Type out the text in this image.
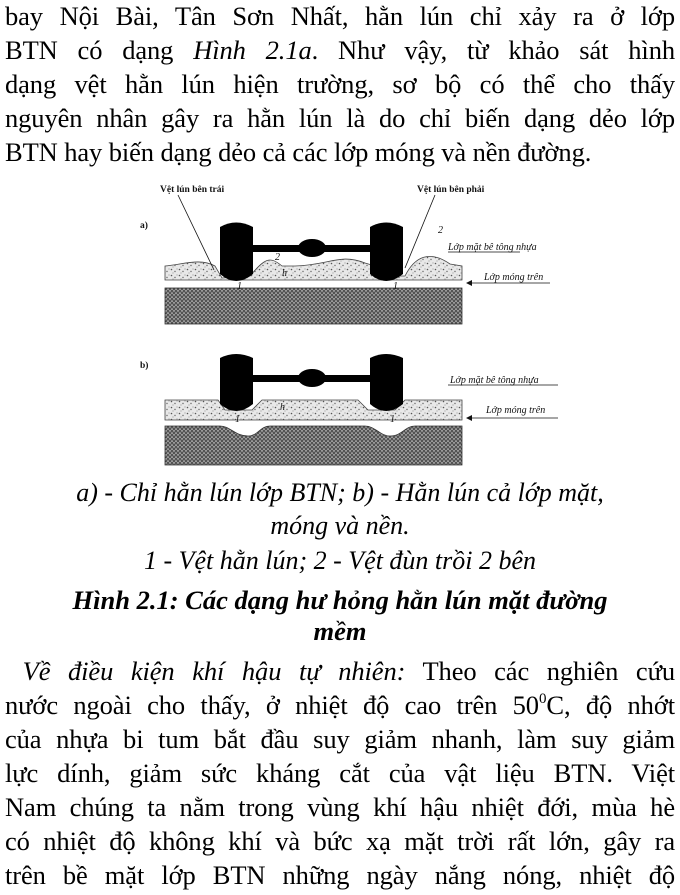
bay Nội Bài, Tân Sơn Nhất, hằn lún chỉ xảy ra ở lớp
BTN có dạng Hình 2.1a. Như vậy, từ khảo sát hình
dạng vệt hằn lún hiện trường, sơ bộ có thể cho thấy
nguyên nhân gây ra hằn lún là do chỉ biến dạng dẻo lớp
BTN hay biến dạng dẻo cả các lớp móng và nền đường.
Vệt lún bên trái	Vệt lún bên phải
a)
2
h
1	1
2
Lớp mặt bê tông nhựa
Lớp móng trên
b)
1	1
h
Lớp mặt bê tông nhựa
Lớp móng trên

a) - Chỉ hằn lún lớp BTN; b) - Hằn lún cả lớp mặt,

móng và nền.

1 - Vệt hằn lún; 2 - Vệt đùn trồi 2 bên

Hình 2.1: Các dạng hư hỏng hằn lún mặt đường

mềm

Về điều kiện khí hậu tự nhiên: Theo các nghiên cứu
nước ngoài cho thấy, ở nhiệt độ cao trên $50^0C$, độ nhớt
của nhựa bi tum bắt đầu suy giảm nhanh, làm suy giảm
lực dính, giảm sức kháng cắt của vật liệu BTN. Việt
Nam chúng ta nằm trong vùng khí hậu nhiệt đới, mùa hè
có nhiệt độ không khí và bức xạ mặt trời rất lớn, gây ra
trên bề mặt lớp BTN những ngày nắng nóng, nhiệt độ
